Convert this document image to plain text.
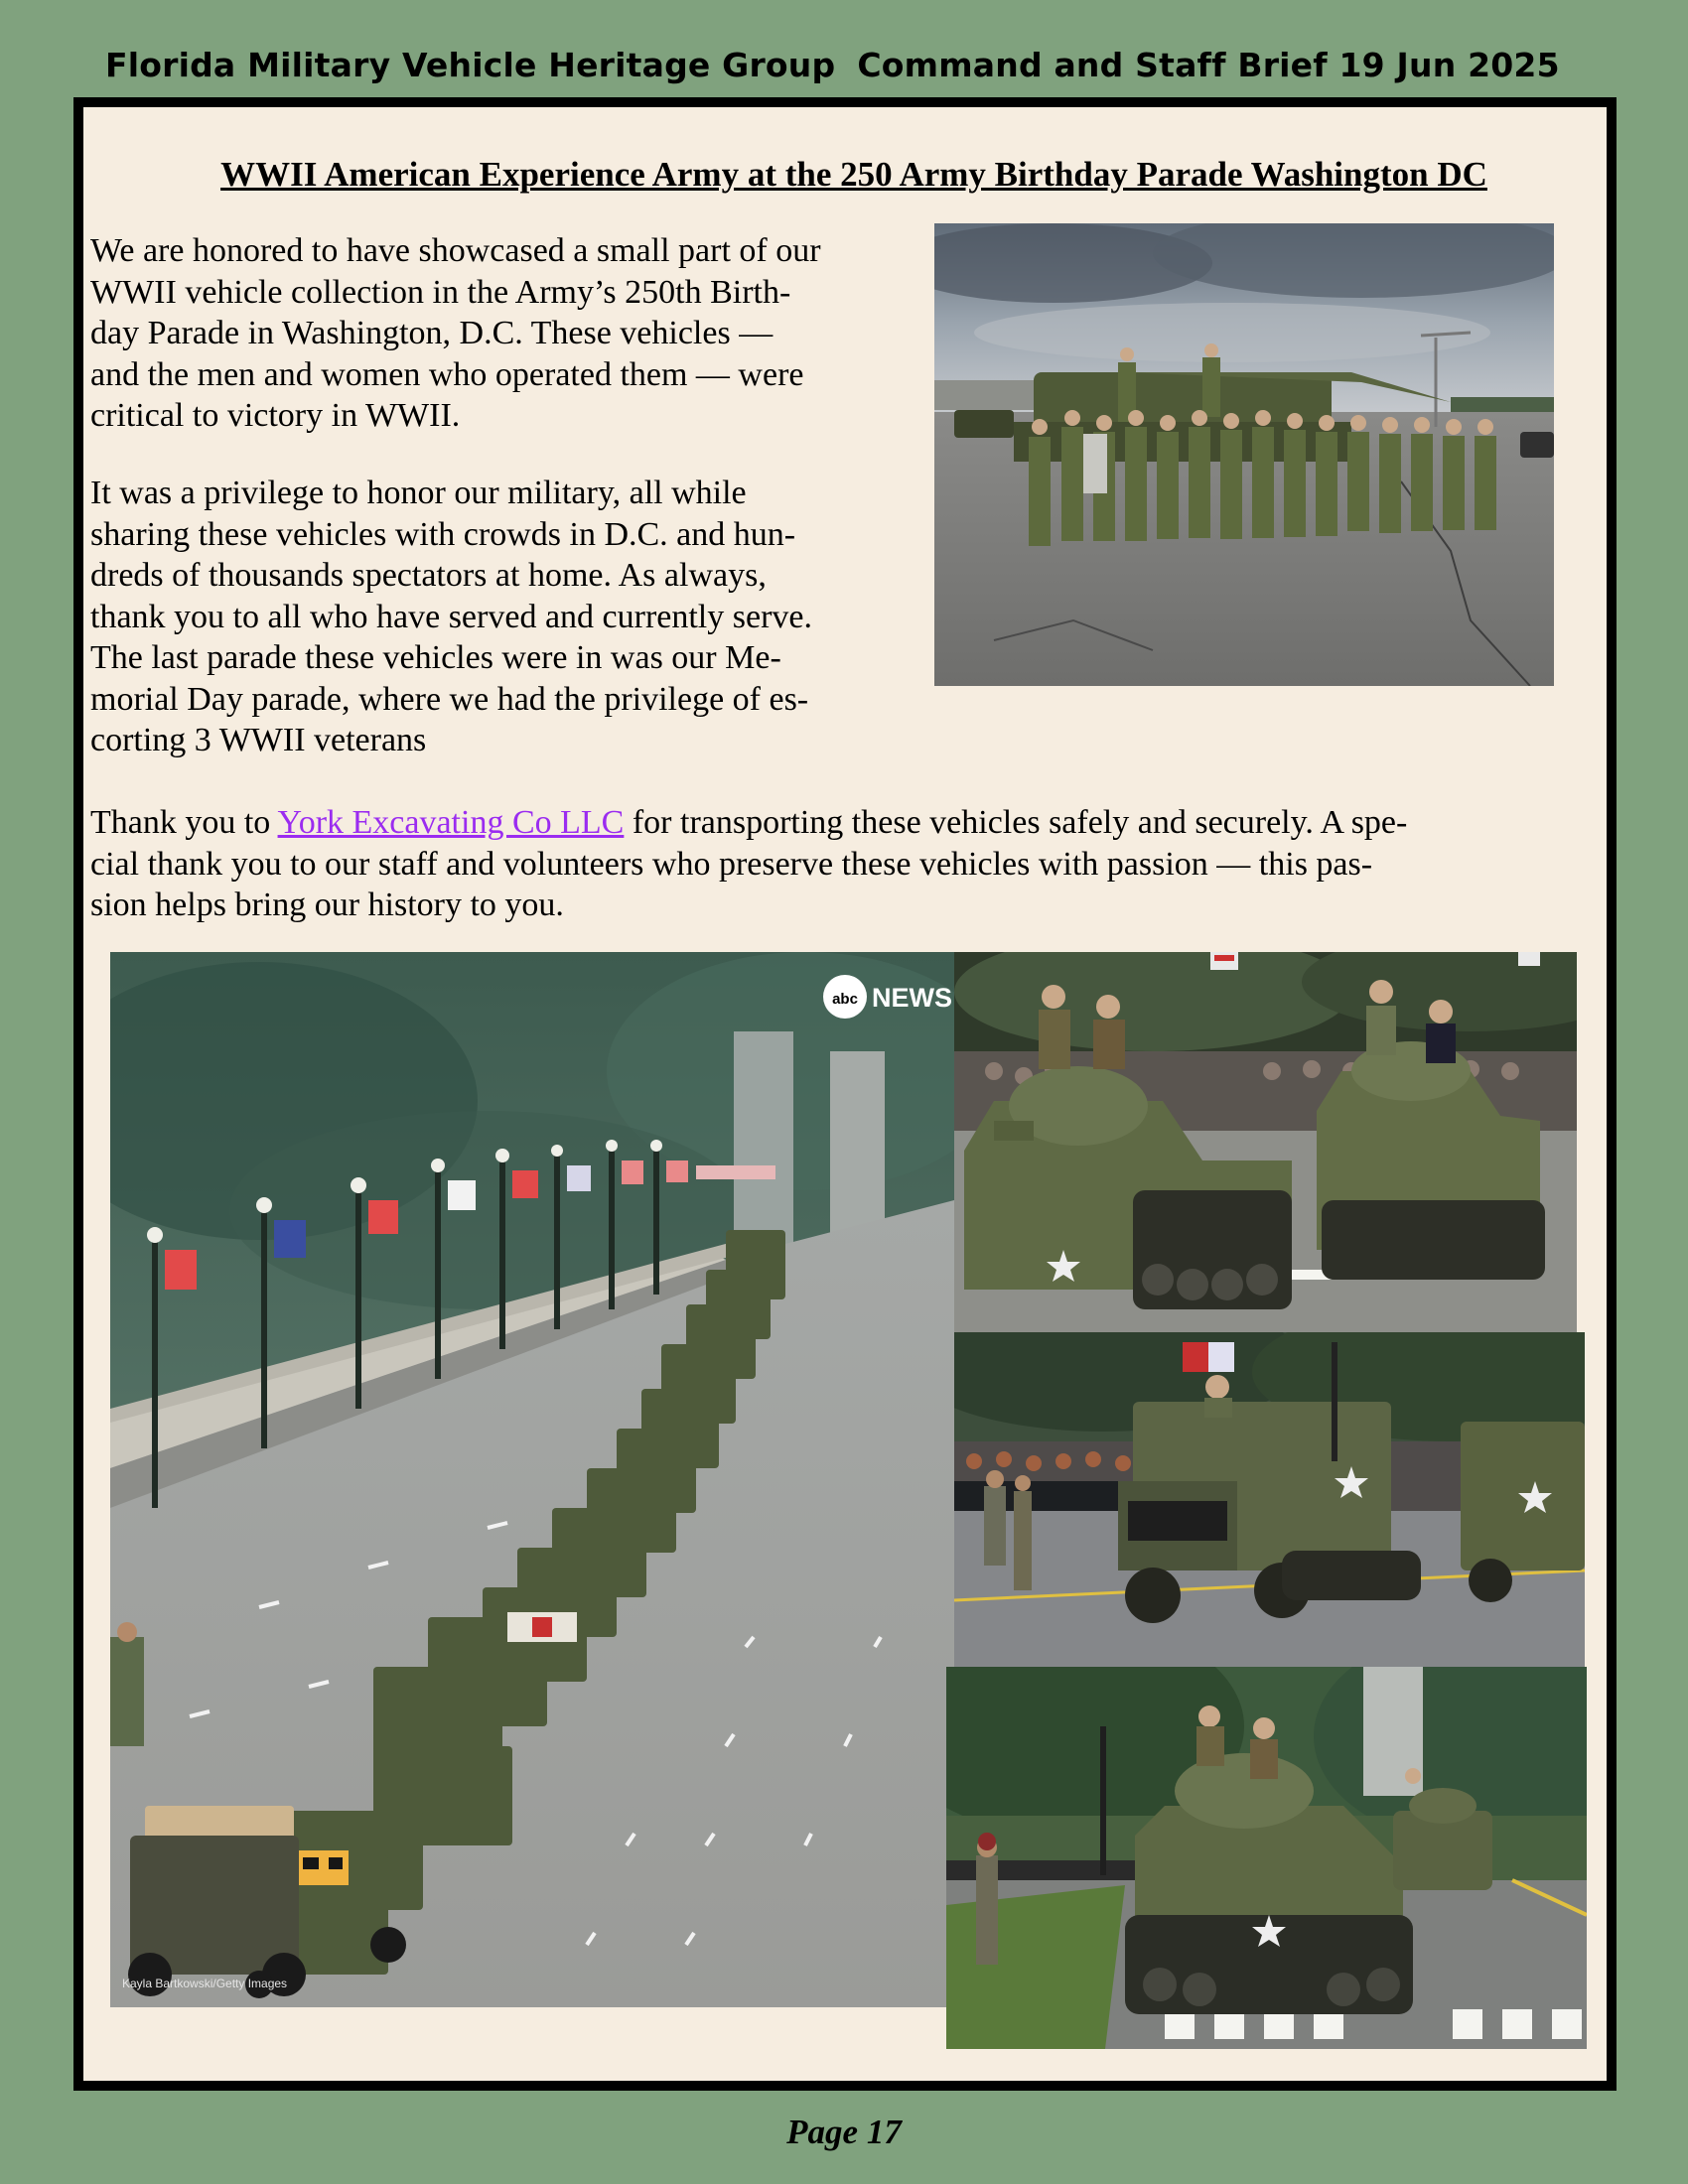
Florida Military Vehicle Heritage Group Command and Staff Brief 19 Jun 2025
WWII American Experience Army at the 250 Army Birthday Parade Washington DC
We are honored to have showcased a small part of our
WWII vehicle collection in the Army’s 250th Birth-
day Parade in Washington, D.C. These vehicles —
and the men and women who operated them — were
critical to victory in WWII.
It was a privilege to honor our military, all while
sharing these vehicles with crowds in D.C. and hun-
dreds of thousands spectators at home. As always,
thank you to all who have served and currently serve.
The last parade these vehicles were in was our Me-
morial Day parade, where we had the privilege of es-
corting 3 WWII veterans
Thank you to York Excavating Co LLC for transporting these vehicles safely and securely. A spe-
cial thank you to our staff and volunteers who preserve these vehicles with passion — this pas-
sion helps bring our history to you.
abc NEWS
Kayla Bartkowski/Getty Images
Page 17
